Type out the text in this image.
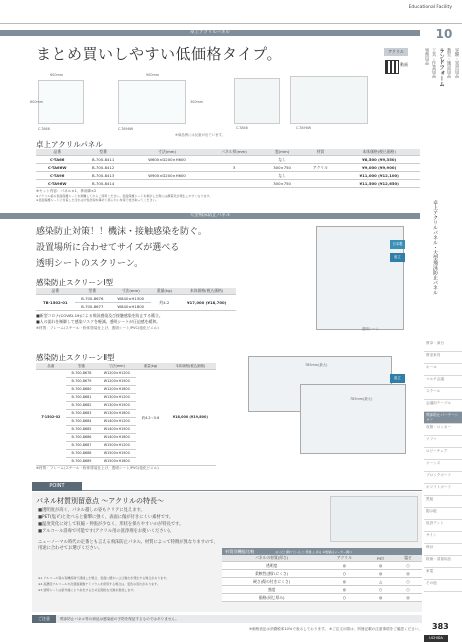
Educational Facility
10
事務用品 工具・作業用品 ランドフォーム 教室・施設用品 実験・実習用品
卓上アクリルパネル・大型飛沫防止パネル
教卓・演台
教室家具
ホール
マルチ会議
スクール
会議用テーブル
飛沫防止パーテーション
収納・ロッカー
ソファ
ロビーチェア
ジーンズ
ブロックボード
ホワイトボード
黒板
掲示板
仮設テント
サイン
時計
除菌・清掃用品
家電
その他
卓上アクリルパネル
まとめ買いしやすい低価格タイプ。	アクリル
動画
600mm	900mm
600mm	300mm
C-TA66	C-TA96W	C-TA66	C-TA96W
※商品例には反射が出ています。
卓上アクリルパネル
品番	型番	寸法(mm)	パネル厚(mm)	窓(mm)	材質	本体価格(税込価格)
C-TA66	B-700-8411	W600×D200×H600		なし		¥8,500 (¥9,350)
C-TA66W	B-700-8412		3	300×750	アクリル	¥9,000 (¥9,900)
C-TA96	B-700-8413	W900×D200×H600		なし		¥11,000 (¥12,100)
C-TA96W	B-700-8414			300×750		¥11,500 (¥12,650)
※セット内容：パネル×1、専用脚×2
※アクリル板の表面保護シートを剥離してからご使用ください。表面保護シートを剥がした際には静電気が発生しやすくなります。
※表面保護シートに付着した汚れは中性洗剤を薄めて柔らかい布等で拭き取ってください。
大型飛沫防止パネル
感染防止対策！！機沫・接触感染を防ぐ。
設置場所に合わせてサイズが選べる
透明シートのスクリーン。
日本製
組立
透明シート
感染防止スクリーンⅠ型
品番	型番	寸法(mm)	重量(kg)	本体価格(税込価格)
TB-1502-01	B-700-8676	W840×H1500	約4.2	¥17,000 (¥18,700)
	B-700-8677	W840×H1800		
■新型コロナ(COVID-19)による飛沫感染及び接触感染を防止する衝立。
■人の流れを制御して感染リスクを軽減。透明シートが圧迫感を緩和。
※材質：フレーム/スチール・粉体塗装仕上げ、透明シート/PVC(塩化ビニル)
感染防止スクリーンⅡ型
品番	型番	寸法(mm)	重量(kg)	本体価格(税込価格)
T-1502-02	B-700-8678	W1200×H1200	約4.2〜5.6	¥18,000 (¥19,800)
	B-700-8679	W1200×H1500		
	B-700-8680	W1200×H1800		
	B-700-8681	W1300×H1200		
	B-700-8682	W1300×H1500		
	B-700-8683	W1300×H1800		
	B-700-8684	W1400×H1200		
	B-700-8685	W1400×H1500		
	B-700-8686	W1400×H1800		
	B-700-8687	W1500×H1200		
	B-700-8688	W1500×H1500		
	B-700-8689	W1500×H1800		
※材質：フレーム/スチール・粉体塗装仕上げ、透明シート/PVC(塩化ビニル)
785mm(最大)
785mm(最大)
組立
POINT
パネル材質別留意点 〜アクリルの特長〜
■透明度が高く、パネル越しの姿もクリアに見えます。
■PET(塩ビ)と比べると衝撃に強く、表面に傷が付きにくい素材です。
■温度変化に対して収縮・伸張が少なく、形状を保ちやすいのが特長です。
■アルコール消毒で可能です(アクリル用の洗浄剤をお使いください)。
ニューノーマル時代の定番とも言える飛沫防止パネル。材質によって特徴が異なりますので、用途に合わせてお選びください。
※1 アルコール等の有機溶剤で清掃した場合、表面に細かいひび割れが発生する場合があります。
※2 高濃度アルコールや次亜塩素酸ナトリウムを使用する場合は、変色の恐れがあります。
※3 透明シートは紫外線により劣化するため定期的な交換を推奨します。
材質別機能比較	◎ ◇◯ 優れている ○ 普通 △ 劣る ※数値はメーカー調べ
パネルの材質(厚さ)	アクリル	PET	塩ビ
透明度	◎	◎	○
柔軟性(割れにくさ)	○	◎	◎
硬さ(傷の付きにくさ)	◎	△	○
強度	◎	○	○
価格(同じ厚み)	○	◎	◎
飛沫防止パネル等の商品は感染症の予防を保証するものではありません。
ご注意
※価格表記は消費税率10%で表示しております。 ※ご注文の際は、別冊記載の注意事項をご確認ください。 383
UCHIDA
